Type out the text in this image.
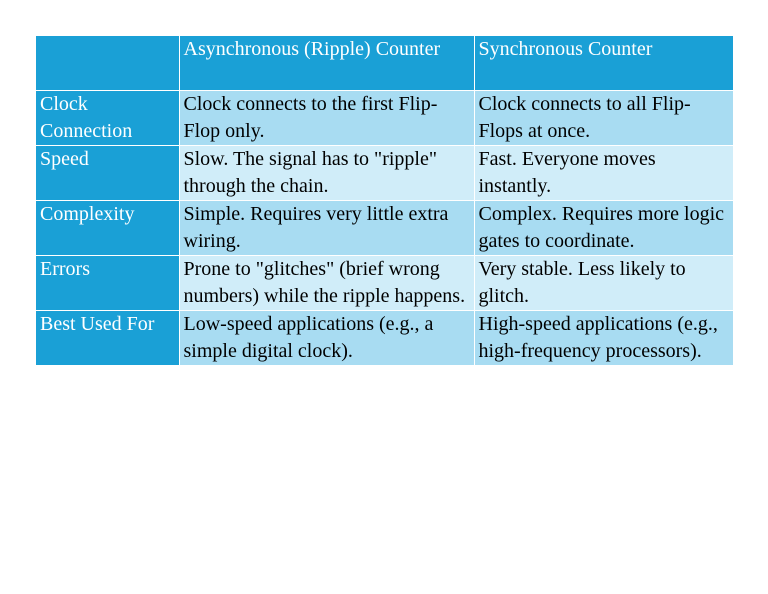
	Asynchronous (Ripple) Counter	Synchronous Counter
Clock Connection	Clock connects to the first Flip-Flop only.	Clock connects to all Flip-Flops at once.
Speed	Slow. The signal has to "ripple" through the chain.	Fast. Everyone moves instantly.
Complexity	Simple. Requires very little extra wiring.	Complex. Requires more logic gates to coordinate.
Errors	Prone to "glitches" (brief wrong numbers) while the ripple happens.	Very stable. Less likely to glitch.
Best Used For	Low-speed applications (e.g., a simple digital clock).	High-speed applications (e.g., high-frequency processors).
